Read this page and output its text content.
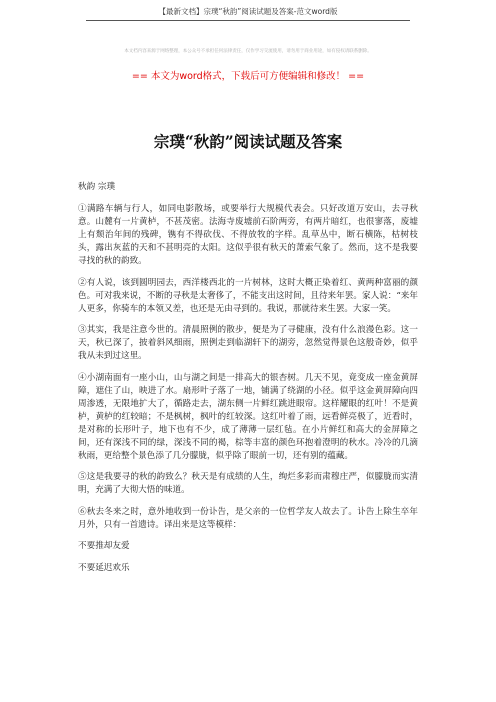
【最新文档】宗璞“秋韵”阅读试题及答案-范文word版
本文档内容来源于网络整理，本公众号不承担任何法律责任，仅作学习交流使用，请勿用于商业用途，如有侵权请联系删除。
== 本文为word格式，下载后可方便编辑和修改！ ==
宗璞“秋韵”阅读试题及答案

秋韵 宗璞

①满路车辆与行人，如同电影散场，或要举行大规模代表会。只好改道万安山，去寻秋意。山麓有一片黄栌，不甚茂密。法海寺废墟前石阶两旁，有两片暗红，也很寥落，废墟上有颓治年间的残碑，镌有不得砍伐、不得放牧的字样。乱草丛中，断石横陈，枯树枝头，露出灰蓝的天和不甚明亮的太阳。这似乎很有秋天的萧索气象了。然而，这不是我要寻找的秋的韵致。

②有人说，该到圆明园去，西洋楼西北的一片树林，这时大概正染着红、黄两种富丽的颜色。可对我来说，不断的寻秋是太奢侈了，不能支出这时间，且待来年罢。家人说：“来年人更多，你骑车的本领又差，也还是无由寻到的。我说，那就待来生罢。大家一笑。

③其实，我是注意今世的。清晨照例的散步，便是为了寻健康，没有什么浪漫色彩。这一天，秋已深了，披着斜风细雨，照例走到临湖轩下的湖旁，忽然觉得景色这般奇妙，似乎我从未到过这里。

④小湖南面有一座小山，山与湖之间是一排高大的银杏树。几天不见，竟变成一座金黄屏障，遮住了山，映进了水。扇形叶子落了一地，铺满了绕湖的小径。似乎这金黄屏障向四周渗透，无限地扩大了，循路走去，湖东侧一片鲜红跳进眼帘。这样耀眼的红叶！不是黄栌，黄栌的红较暗；不是枫树，枫叶的红较深。这红叶着了雨，远看鲜亮极了，近看时，是对称的长形叶子，地下也有不少，成了薄薄一层红毡。在小片鲜红和高大的金屏障之间，还有深浅不同的绿，深浅不同的褐，棕等丰富的颜色环抱着澄明的秋水。冷冷的几滴秋雨，更给整个景色添了几分朦胧，似乎除了眼前一切，还有别的蕴藏。

⑤这是我要寻的秋的韵致么？秋天是有成绩的人生，绚烂多彩而肃穆庄严，似朦胧而实清明，充满了大彻大悟的味道。

⑥秋去冬来之时，意外地收到一份讣告，是父亲的一位哲学友人故去了。讣告上除生卒年月外，只有一首遗诗。译出来是这等模样：

不要推却友爱

不要延迟欢乐
